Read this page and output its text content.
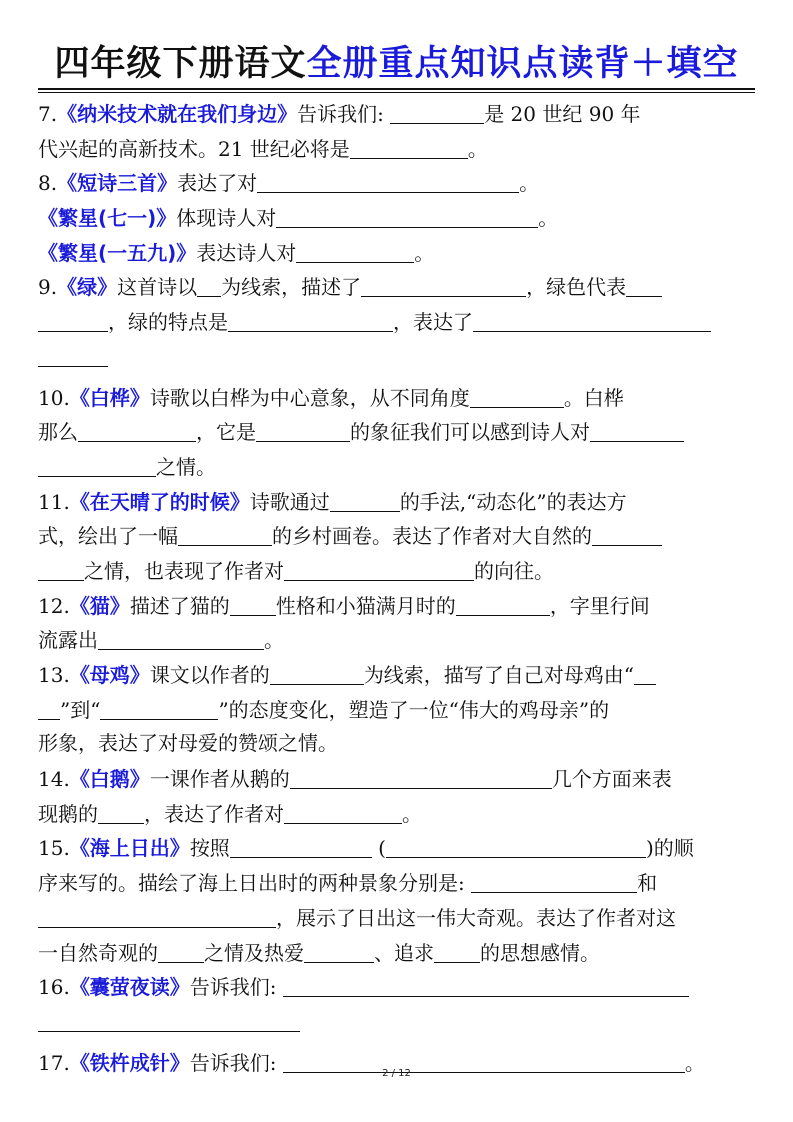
四年级下册语文全册重点知识点读背＋填空
7.《纳米技术就在我们身边》告诉我们:	是 20 世纪 90 年
代兴起的高新技术。21 世纪必将是	。
8.《短诗三首》表达了对	。
《繁星(七一)》体现诗人对	。
《繁星(一五九)》表达诗人对	。
9.《绿》这首诗以 为线索，描述了	，绿色代表
，绿的特点是	，表达了
10.《白桦》诗歌以白桦为中心意象，从不同角度	。白桦
那么	，它是	的象征我们可以感到诗人对
之情。
11.《在天晴了的时候》诗歌通过	的手法,“动态化”的表达方
式，绘出了一幅	的乡村画卷。表达了作者对大自然的
之情，也表现了作者对	的向往。
12.《猫》描述了猫的 性格和小猫满月时的	，字里行间
流露出	。
13.《母鸡》课文以作者的	为线索，描写了自己对母鸡由“
”到“	”的态度变化，塑造了一位“伟大的鸡母亲”的
形象，表达了对母爱的赞颂之情。
14.《白鹅》一课作者从鹅的	几个方面来表
现鹅的 ，表达了作者对	。
15.《海上日出》按照	(	)的顺
序来写的。描绘了海上日出时的两种景象分别是:	和
，展示了日出这一伟大奇观。表达了作者对这
一自然奇观的 之情及热爱	、追求 的思想感情。
16.《囊萤夜读》告诉我们:
17.《铁杵成针》告诉我们:	。
2 / 12
